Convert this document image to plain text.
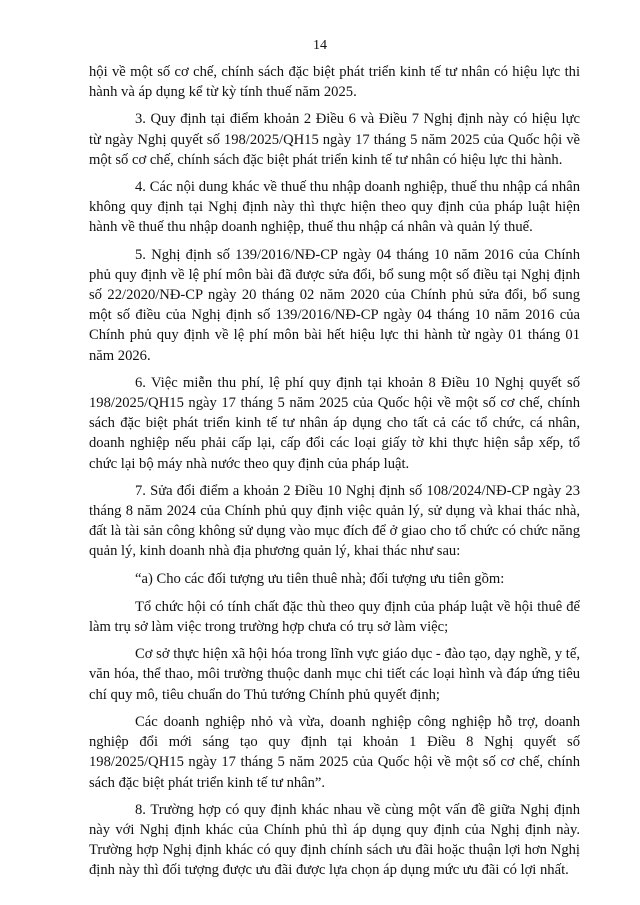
14

hội về một số cơ chế, chính sách đặc biệt phát triển kinh tế tư nhân có hiệu lực thi hành và áp dụng kể từ kỳ tính thuế năm 2025.

3. Quy định tại điểm khoản 2 Điều 6 và Điều 7 Nghị định này có hiệu lực từ ngày Nghị quyết số 198/2025/QH15 ngày 17 tháng 5 năm 2025 của Quốc hội về một số cơ chế, chính sách đặc biệt phát triển kinh tế tư nhân có hiệu lực thi hành.

4. Các nội dung khác về thuế thu nhập doanh nghiệp, thuế thu nhập cá nhân không quy định tại Nghị định này thì thực hiện theo quy định của pháp luật hiện hành về thuế thu nhập doanh nghiệp, thuế thu nhập cá nhân và quản lý thuế.

5. Nghị định số 139/2016/NĐ-CP ngày 04 tháng 10 năm 2016 của Chính phủ quy định về lệ phí môn bài đã được sửa đổi, bổ sung một số điều tại Nghị định số 22/2020/NĐ-CP ngày 20 tháng 02 năm 2020 của Chính phủ sửa đổi, bổ sung một số điều của Nghị định số 139/2016/NĐ-CP ngày 04 tháng 10 năm 2016 của Chính phủ quy định về lệ phí môn bài hết hiệu lực thi hành từ ngày 01 tháng 01 năm 2026.

6. Việc miễn thu phí, lệ phí quy định tại khoản 8 Điều 10 Nghị quyết số 198/2025/QH15 ngày 17 tháng 5 năm 2025 của Quốc hội về một số cơ chế, chính sách đặc biệt phát triển kinh tế tư nhân áp dụng cho tất cả các tổ chức, cá nhân, doanh nghiệp nếu phải cấp lại, cấp đổi các loại giấy tờ khi thực hiện sắp xếp, tổ chức lại bộ máy nhà nước theo quy định của pháp luật.

7. Sửa đổi điểm a khoản 2 Điều 10 Nghị định số 108/2024/NĐ-CP ngày 23 tháng 8 năm 2024 của Chính phủ quy định việc quản lý, sử dụng và khai thác nhà, đất là tài sản công không sử dụng vào mục đích để ở giao cho tổ chức có chức năng quản lý, kinh doanh nhà địa phương quản lý, khai thác như sau:

“a) Cho các đối tượng ưu tiên thuê nhà; đối tượng ưu tiên gồm:

Tổ chức hội có tính chất đặc thù theo quy định của pháp luật về hội thuê để làm trụ sở làm việc trong trường hợp chưa có trụ sở làm việc;

Cơ sở thực hiện xã hội hóa trong lĩnh vực giáo dục - đào tạo, dạy nghề, y tế, văn hóa, thể thao, môi trường thuộc danh mục chi tiết các loại hình và đáp ứng tiêu chí quy mô, tiêu chuẩn do Thủ tướng Chính phủ quyết định;

Các doanh nghiệp nhỏ và vừa, doanh nghiệp công nghiệp hỗ trợ, doanh nghiệp đổi mới sáng tạo quy định tại khoản 1 Điều 8 Nghị quyết số 198/2025/QH15 ngày 17 tháng 5 năm 2025 của Quốc hội về một số cơ chế, chính sách đặc biệt phát triển kinh tế tư nhân”.

8. Trường hợp có quy định khác nhau về cùng một vấn đề giữa Nghị định này với Nghị định khác của Chính phủ thì áp dụng quy định của Nghị định này. Trường hợp Nghị định khác có quy định chính sách ưu đãi hoặc thuận lợi hơn Nghị định này thì đối tượng được ưu đãi được lựa chọn áp dụng mức ưu đãi có lợi nhất.
